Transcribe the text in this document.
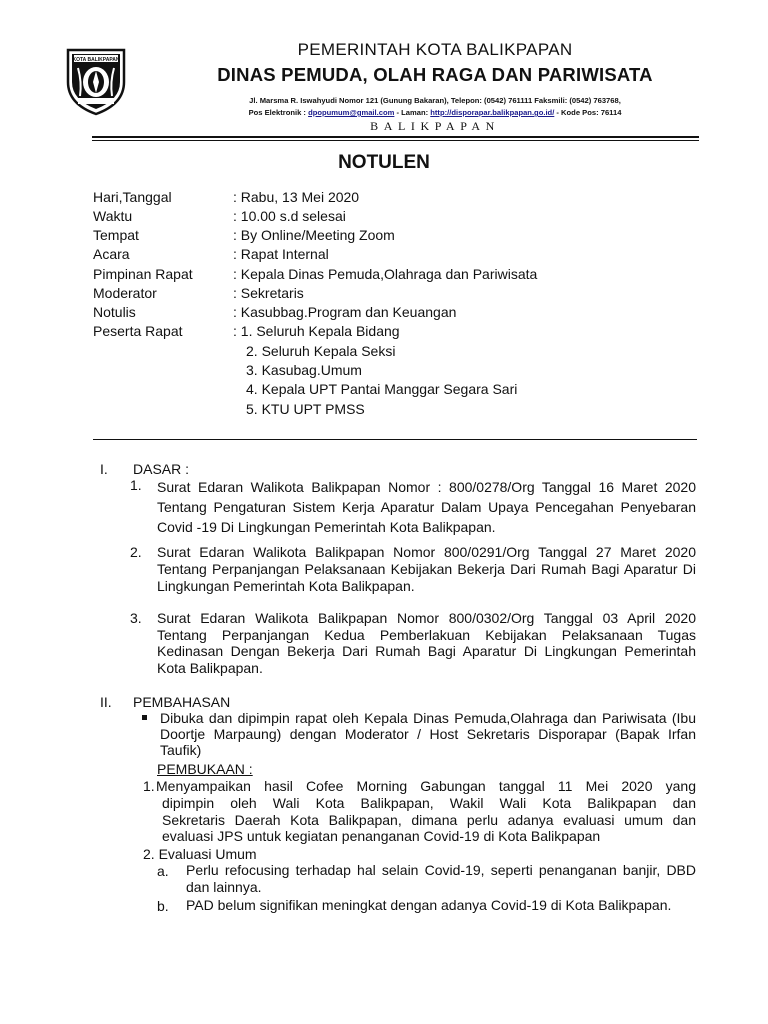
KOTA BALIKPAPAN
PEMERINTAH KOTA BALIKPAPAN
DINAS PEMUDA, OLAH RAGA DAN PARIWISATA
Jl. Marsma R. Iswahyudi Nomor 121 (Gunung Bakaran), Telepon: (0542) 761111 Faksmili: (0542) 763768,
Pos Elektronik : dpopumum@gmail.com - Laman: http://disporapar.balikpapan.go.id/ - Kode Pos: 76114
BALIKPAPAN
NOTULEN
Hari,Tanggal	: Rabu, 13 Mei 2020
Waktu	: 10.00 s.d selesai
Tempat	: By Online/Meeting Zoom
Acara	: Rapat Internal
Pimpinan Rapat	: Kepala Dinas Pemuda,Olahraga dan Pariwisata
Moderator	: Sekretaris
Notulis	: Kasubbag.Program dan Keuangan
Peserta Rapat	: 1. Seluruh Kepala Bidang
2. Seluruh Kepala Seksi
3. Kasubag.Umum
4. Kepala UPT Pantai Manggar Segara Sari
5. KTU UPT PMSS
I. DASAR :
1. Surat Edaran Walikota Balikpapan Nomor : 800/0278/Org Tanggal 16 Maret 2020 Tentang Pengaturan Sistem Kerja Aparatur Dalam Upaya Pencegahan Penyebaran Covid -19 Di Lingkungan Pemerintah Kota Balikpapan.
2. Surat Edaran Walikota Balikpapan Nomor 800/0291/Org Tanggal 27 Maret 2020 Tentang Perpanjangan Pelaksanaan Kebijakan Bekerja Dari Rumah Bagi Aparatur Di Lingkungan Pemerintah Kota Balikpapan.
3. Surat Edaran Walikota Balikpapan Nomor 800/0302/Org Tanggal 03 April 2020 Tentang Perpanjangan Kedua Pemberlakuan Kebijakan Pelaksanaan Tugas Kedinasan Dengan Bekerja Dari Rumah Bagi Aparatur Di Lingkungan Pemerintah Kota Balikpapan.
II. PEMBAHASAN
Dibuka dan dipimpin rapat oleh Kepala Dinas Pemuda,Olahraga dan Pariwisata (Ibu Doortje Marpaung) dengan Moderator / Host Sekretaris Disporapar (Bapak Irfan Taufik)
PEMBUKAAN :
1. Menyampaikan hasil Cofee Morning Gabungan tanggal 11 Mei 2020 yang
dipimpin oleh Wali Kota Balikpapan, Wakil Wali Kota Balikpapan dan
Sekretaris Daerah Kota Balikpapan, dimana perlu adanya evaluasi umum dan
evaluasi JPS untuk kegiatan penanganan Covid-19 di Kota Balikpapan
2. Evaluasi Umum
a. Perlu refocusing terhadap hal selain Covid-19, seperti penanganan banjir, DBD dan lainnya.
b. PAD belum signifikan meningkat dengan adanya Covid-19 di Kota Balikpapan.
